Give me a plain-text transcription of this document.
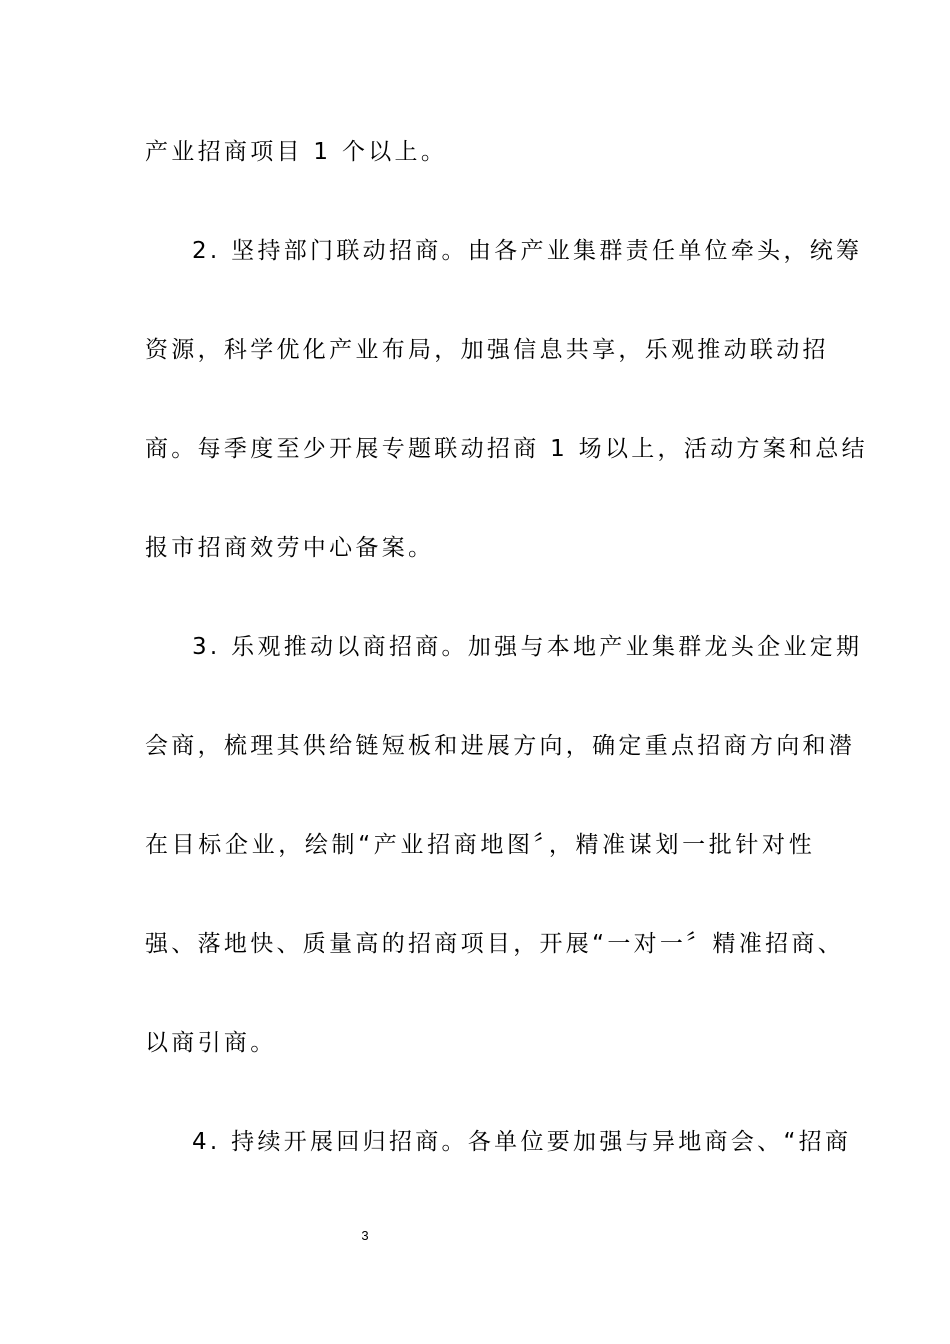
产业招商项目 1 个以上。
2. 坚持部门联动招商。由各产业集群责任单位牵头，统筹
资源，科学优化产业布局，加强信息共享，乐观推动联动招
商。每季度至少开展专题联动招商 1 场以上，活动方案和总结
报市招商效劳中心备案。
3. 乐观推动以商招商。加强与本地产业集群龙头企业定期
会商，梳理其供给链短板和进展方向，确定重点招商方向和潜
在目标企业，绘制“产业招商地图〞，精准谋划一批针对性
强、落地快、质量高的招商项目，开展“一对一〞精准招商、
以商引商。
4. 持续开展回归招商。各单位要加强与异地商会、“招商
3
